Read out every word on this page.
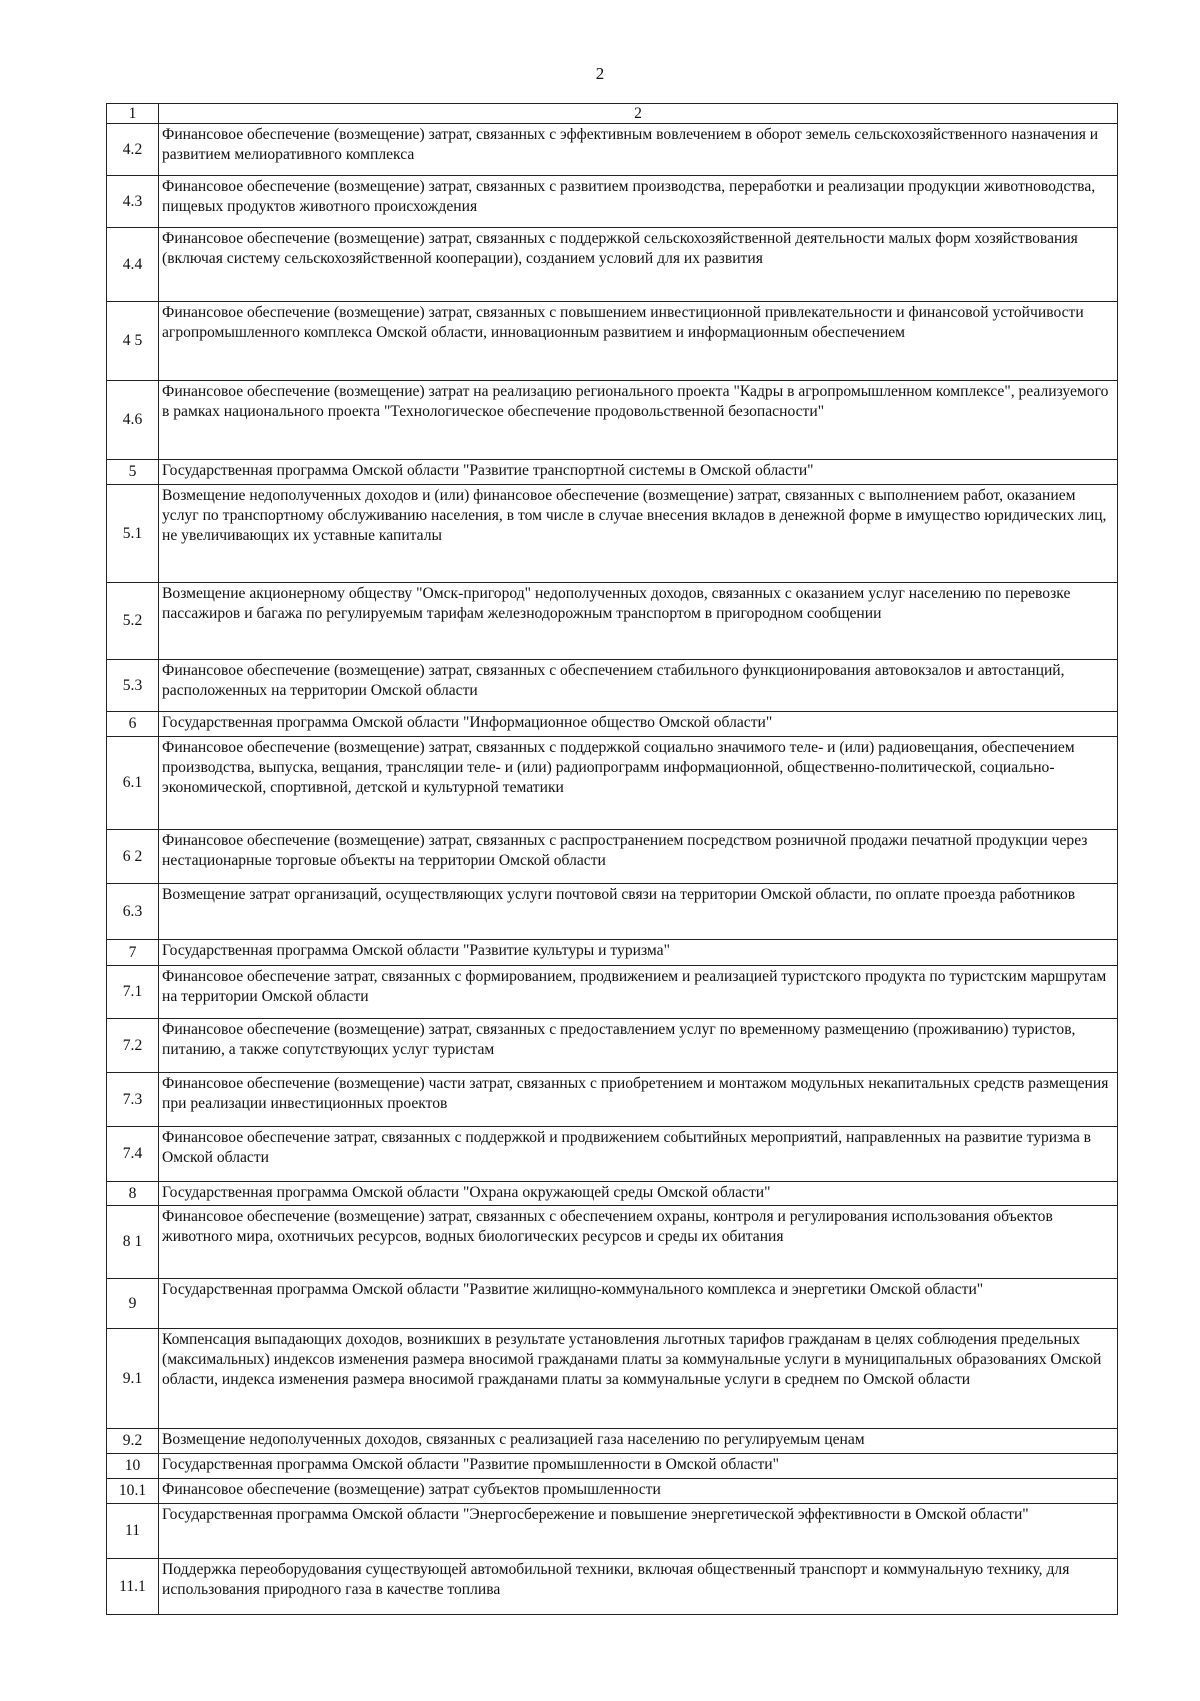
2
1	2
4.2	Финансовое обеспечение (возмещение) затрат, связанных с эффективным вовлечением в оборот земель сельскохозяйственного назначения и развитием мелиоративного комплекса
4.3	Финансовое обеспечение (возмещение) затрат, связанных с развитием производства, переработки и реализации продукции животноводства, пищевых продуктов животного происхождения
4.4	Финансовое обеспечение (возмещение) затрат, связанных с поддержкой сельскохозяйственной деятельности малых форм хозяйствования (включая систему сельскохозяйственной кооперации), созданием условий для их развития
4 5	Финансовое обеспечение (возмещение) затрат, связанных с повышением инвестиционной привлекательности и финансовой устойчивости агропромышленного комплекса Омской области, инновационным развитием и информационным обеспечением
4.6	Финансовое обеспечение (возмещение) затрат на реализацию регионального проекта "Кадры в агропромышленном комплексе", реализуемого в рамках национального проекта "Технологическое обеспечение продовольственной безопасности"
5	Государственная программа Омской области "Развитие транспортной системы в Омской области"
5.1	Возмещение недополученных доходов и (или) финансовое обеспечение (возмещение) затрат, связанных с выполнением работ, оказанием услуг по транспортному обслуживанию населения, в том числе в случае внесения вкладов в денежной форме в имущество юридических лиц, не увеличивающих их уставные капиталы
5.2	Возмещение акционерному обществу "Омск-пригород" недополученных доходов, связанных с оказанием услуг населению по перевозке пассажиров и багажа по регулируемым тарифам железнодорожным транспортом в пригородном сообщении
5.3	Финансовое обеспечение (возмещение) затрат, связанных с обеспечением стабильного функционирования автовокзалов и автостанций, расположенных на территории Омской области
6	Государственная программа Омской области "Информационное общество Омской области"
6.1	Финансовое обеспечение (возмещение) затрат, связанных с поддержкой социально значимого теле- и (или) радиовещания, обеспечением производства, выпуска, вещания, трансляции теле- и (или) радиопрограмм информационной, общественно-политической, социально-экономической, спортивной, детской и культурной тематики
6 2	Финансовое обеспечение (возмещение) затрат, связанных с распространением посредством розничной продажи печатной продукции через нестационарные торговые объекты на территории Омской области
6.3	Возмещение затрат организаций, осуществляющих услуги почтовой связи на территории Омской области, по оплате проезда работников
7	Государственная программа Омской области "Развитие культуры и туризма"
7.1	Финансовое обеспечение затрат, связанных с формированием, продвижением и реализацией туристского продукта по туристским маршрутам на территории Омской области
7.2	Финансовое обеспечение (возмещение) затрат, связанных с предоставлением услуг по временному размещению (проживанию) туристов, питанию, а также сопутствующих услуг туристам
7.3	Финансовое обеспечение (возмещение) части затрат, связанных с приобретением и монтажом модульных некапитальных средств размещения при реализации инвестиционных проектов
7.4	Финансовое обеспечение затрат, связанных с поддержкой и продвижением событийных мероприятий, направленных на развитие туризма в Омской области
8	Государственная программа Омской области "Охрана окружающей среды Омской области"
8 1	Финансовое обеспечение (возмещение) затрат, связанных с обеспечением охраны, контроля и регулирования использования объектов животного мира, охотничьих ресурсов, водных биологических ресурсов и среды их обитания
9	Государственная программа Омской области "Развитие жилищно-коммунального комплекса и энергетики Омской области"
9.1	Компенсация выпадающих доходов, возникших в результате установления льготных тарифов гражданам в целях соблюдения предельных (максимальных) индексов изменения размера вносимой гражданами платы за коммунальные услуги в муниципальных образованиях Омской области, индекса изменения размера вносимой гражданами платы за коммунальные услуги в среднем по Омской области
9.2	Возмещение недополученных доходов, связанных с реализацией газа населению по регулируемым ценам
10	Государственная программа Омской области "Развитие промышленности в Омской области"
10.1	Финансовое обеспечение (возмещение) затрат субъектов промышленности
11	Государственная программа Омской области "Энергосбережение и повышение энергетической эффективности в Омской области"
11.1	Поддержка переоборудования существующей автомобильной техники, включая общественный транспорт и коммунальную технику, для использования природного газа в качестве топлива
